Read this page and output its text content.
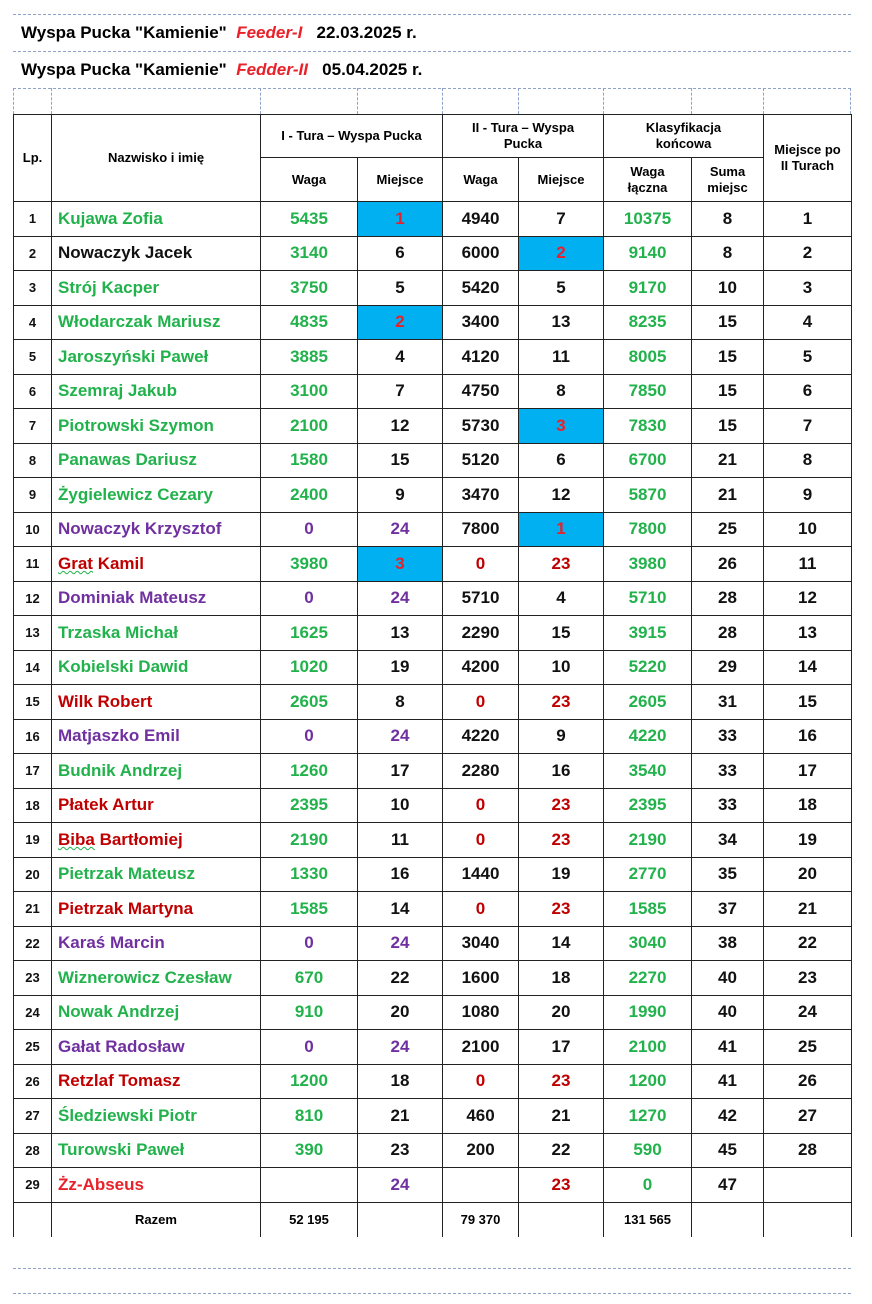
Wyspa Pucka "Kamienie" Feeder-I 22.03.2025 r.
Wyspa Pucka "Kamienie" Fedder-II 05.04.2025 r.
Lp.	Nazwisko i imię	I - Tura – Wyspa Pucka		II - Tura – Wyspa Pucka		Klasyfikacja końcowa		Miejsce po II Turach
		Waga	Miejsce	Waga	Miejsce	Waga łączna	Suma miejsc	
1	Kujawa Zofia	5435	1	4940	7	10375	8	1
2	Nowaczyk Jacek	3140	6	6000	2	9140	8	2
3	Strój Kacper	3750	5	5420	5	9170	10	3
4	Włodarczak Mariusz	4835	2	3400	13	8235	15	4
5	Jaroszyński Paweł	3885	4	4120	11	8005	15	5
6	Szemraj Jakub	3100	7	4750	8	7850	15	6
7	Piotrowski Szymon	2100	12	5730	3	7830	15	7
8	Panawas Dariusz	1580	15	5120	6	6700	21	8
9	Żygielewicz Cezary	2400	9	3470	12	5870	21	9
10	Nowaczyk Krzysztof	0	24	7800	1	7800	25	10
11	Grat Kamil	3980	3	0	23	3980	26	11
12	Dominiak Mateusz	0	24	5710	4	5710	28	12
13	Trzaska Michał	1625	13	2290	15	3915	28	13
14	Kobielski Dawid	1020	19	4200	10	5220	29	14
15	Wilk Robert	2605	8	0	23	2605	31	15
16	Matjaszko Emil	0	24	4220	9	4220	33	16
17	Budnik Andrzej	1260	17	2280	16	3540	33	17
18	Płatek Artur	2395	10	0	23	2395	33	18
19	Biba Bartłomiej	2190	11	0	23	2190	34	19
20	Pietrzak Mateusz	1330	16	1440	19	2770	35	20
21	Pietrzak Martyna	1585	14	0	23	1585	37	21
22	Karaś Marcin	0	24	3040	14	3040	38	22
23	Wiznerowicz Czesław	670	22	1600	18	2270	40	23
24	Nowak Andrzej	910	20	1080	20	1990	40	24
25	Gałat Radosław	0	24	2100	17	2100	41	25
26	Retzlaf Tomasz	1200	18	0	23	1200	41	26
27	Śledziewski Piotr	810	21	460	21	1270	42	27
28	Turowski Paweł	390	23	200	22	590	45	28
29	Żz-Abseus		24		23	0	47	
	Razem	52 195		79 370		131 565		
